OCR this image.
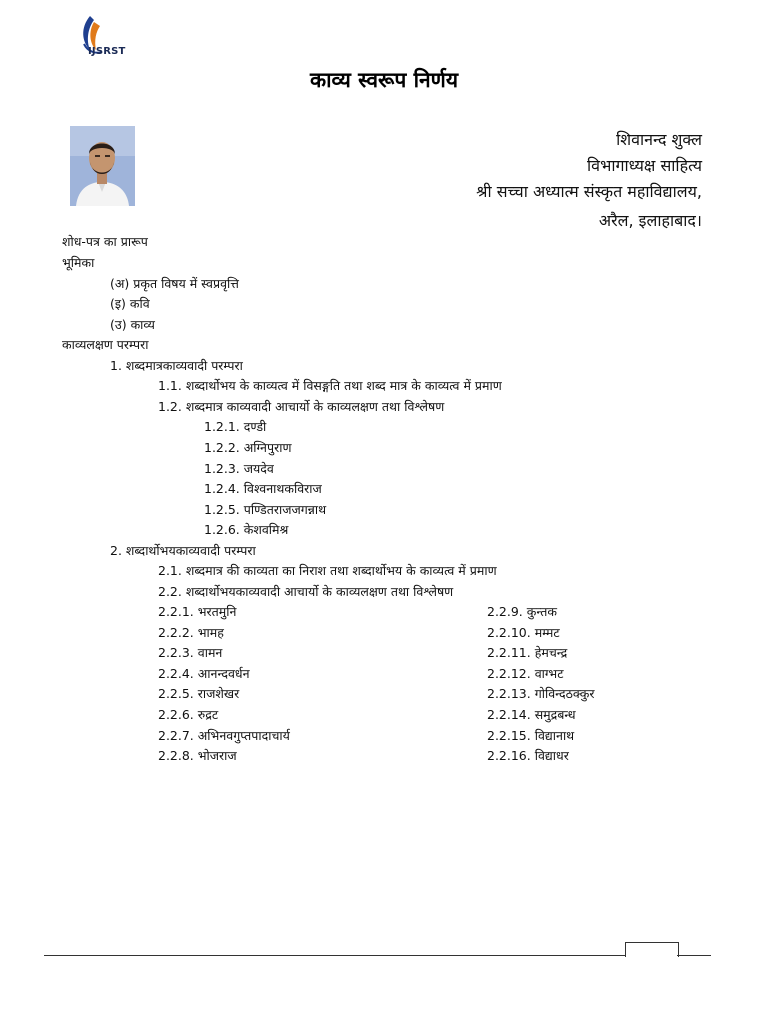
IJSRST
काव्य स्वरूप निर्णय
शिवानन्द शुक्ल
विभागाध्यक्ष साहित्य
श्री सच्चा अध्यात्म संस्कृत महाविद्यालय,
अरैल, इलाहाबाद।
शोध-पत्र का प्रारूप
भूमिका
(अ) प्रकृत विषय में स्वप्रवृत्ति
(इ) कवि
(उ) काव्य
काव्यलक्षण परम्परा
1. शब्दमात्रकाव्यवादी परम्परा
1.1. शब्दार्थोभय के काव्यत्व में विसङ्गति तथा शब्द मात्र के काव्यत्व में प्रमाण
1.2. शब्दमात्र काव्यवादी आचार्यो के काव्यलक्षण तथा विश्लेषण
1.2.1. दण्डी
1.2.2. अग्निपुराण
1.2.3. जयदेव
1.2.4. विश्वनाथकविराज
1.2.5. पण्डितराजजगन्नाथ
1.2.6. केशवमिश्र
2. शब्दार्थोभयकाव्यवादी परम्परा
2.1. शब्दमात्र की काव्यता का निराश तथा शब्दार्थोभय के काव्यत्व में प्रमाण
2.2. शब्दार्थोभयकाव्यवादी आचार्यो के काव्यलक्षण तथा विश्लेषण
2.2.1. भरतमुनि
2.2.2. भामह
2.2.3. वामन
2.2.4. आनन्दवर्धन
2.2.5. राजशेखर
2.2.6. रुद्रट
2.2.7. अभिनवगुप्तपादाचार्य
2.2.8. भोजराज
2.2.9. कुन्तक
2.2.10. मम्मट
2.2.11. हेमचन्द्र
2.2.12. वाग्भट
2.2.13. गोविन्दठक्कुर
2.2.14. समुद्रबन्ध
2.2.15. विद्यानाथ
2.2.16. विद्याधर
